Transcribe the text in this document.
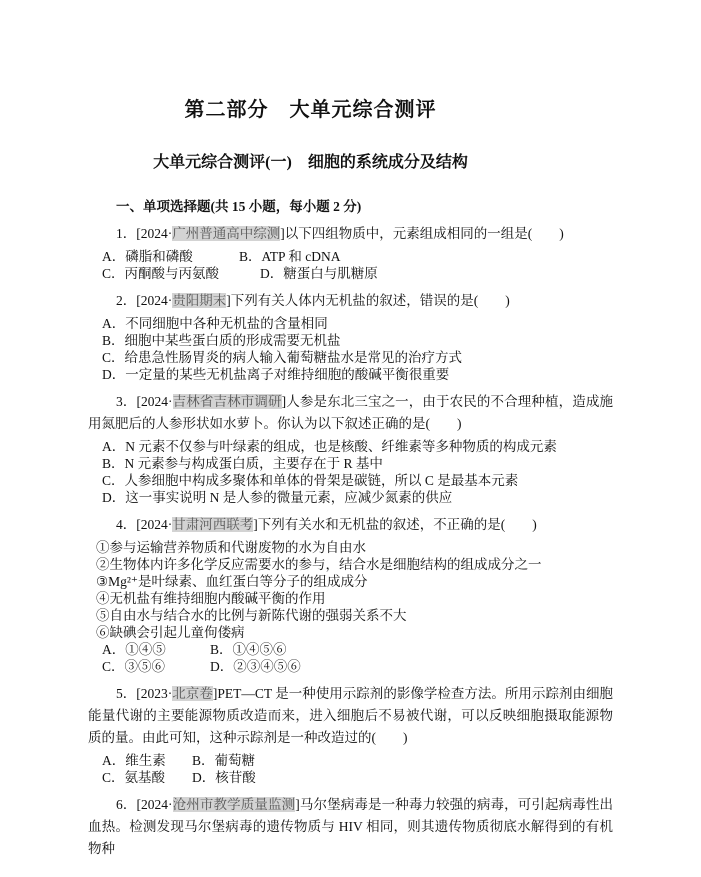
第二部分　大单元综合测评
大单元综合测评(一)　细胞的系统成分及结构
一、单项选择题(共 15 小题，每小题 2 分)

1．[2024·广州普通高中综测]以下四组物质中，元素组成相同的一组是(　　)

A．磷脂和磷酸	B．ATP 和 cDNA

C．丙酮酸与丙氨酸	D．糖蛋白与肌糖原

2．[2024·贵阳期末]下列有关人体内无机盐的叙述，错误的是(　　)

A．不同细胞中各种无机盐的含量相同

B．细胞中某些蛋白质的形成需要无机盐

C．给患急性肠胃炎的病人输入葡萄糖盐水是常见的治疗方式

D．一定量的某些无机盐离子对维持细胞的酸碱平衡很重要

3．[2024·吉林省吉林市调研]人参是东北三宝之一，由于农民的不合理种植，造成施用氮肥后的人参形状如水萝卜。你认为以下叙述正确的是(　　)

A．N 元素不仅参与叶绿素的组成，也是核酸、纤维素等多种物质的构成元素

B．N 元素参与构成蛋白质，主要存在于 R 基中

C．人参细胞中构成多聚体和单体的骨架是碳链，所以 C 是最基本元素

D．这一事实说明 N 是人参的微量元素，应减少氮素的供应

4．[2024·甘肃河西联考]下列有关水和无机盐的叙述，不正确的是(　　)

①参与运输营养物质和代谢废物的水为自由水

②生物体内许多化学反应需要水的参与，结合水是细胞结构的组成成分之一

③Mg²⁺是叶绿素、血红蛋白等分子的组成成分

④无机盐有维持细胞内酸碱平衡的作用

⑤自由水与结合水的比例与新陈代谢的强弱关系不大

⑥缺碘会引起儿童佝偻病

A．①④⑤	B．①④⑤⑥

C．③⑤⑥	D．②③④⑤⑥

5．[2023·北京卷]PET—CT 是一种使用示踪剂的影像学检查方法。所用示踪剂由细胞能量代谢的主要能源物质改造而来，进入细胞后不易被代谢，可以反映细胞摄取能源物质的量。由此可知，这种示踪剂是一种改造过的(　　)

A．维生素 B．葡萄糖

C．氨基酸 D．核苷酸

6．[2024·沧州市教学质量监测]马尔堡病毒是一种毒力较强的病毒，可引起病毒性出血热。检测发现马尔堡病毒的遗传物质与 HIV 相同，则其遗传物质彻底水解得到的有机物种
